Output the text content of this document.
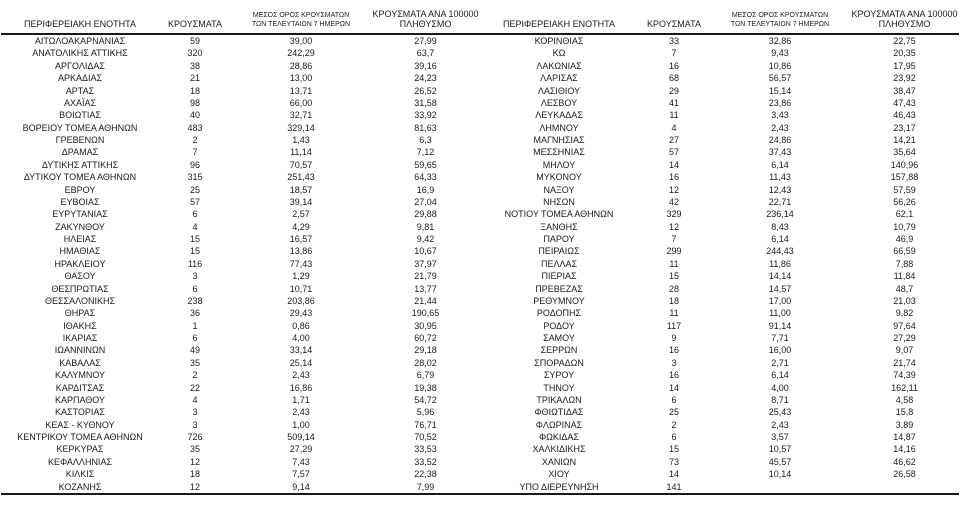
ΠΕΡΙΦΕΡΕΙΑΚΗ ΕΝΟΤΗΤΑ	ΚΡΟΥΣΜΑΤΑ	ΜΕΣΟΣ ΟΡΟΣ ΚΡΟΥΣΜΑΤΩΝ
ΤΩΝ ΤΕΛΕΥΤΑΙΩΝ 7 ΗΜΕΡΩΝ	ΚΡΟΥΣΜΑΤΑ ΑΝΑ 100000
ΠΛΗΘΥΣΜΟ
ΑΙΤΩΛΟΑΚΑΡΝΑΝΙΑΣ	59	39,00	27,99
ΑΝΑΤΟΛΙΚΗΣ ΑΤΤΙΚΗΣ	320	242,29	63,7
ΑΡΓΟΛΙΔΑΣ	38	28,86	39,16
ΑΡΚΑΔΙΑΣ	21	13,00	24,23
ΑΡΤΑΣ	18	13,71	26,52
ΑΧΑΪΑΣ	98	66,00	31,58
ΒΟΙΩΤΙΑΣ	40	32,71	33,92
ΒΟΡΕΙΟΥ ΤΟΜΕΑ ΑΘΗΝΩΝ	483	329,14	81,63
ΓΡΕΒΕΝΩΝ	2	1,43	6,3
ΔΡΑΜΑΣ	7	11,14	7,12
ΔΥΤΙΚΗΣ ΑΤΤΙΚΗΣ	96	70,57	59,65
ΔΥΤΙΚΟΥ ΤΟΜΕΑ ΑΘΗΝΩΝ	315	251,43	64,33
ΕΒΡΟΥ	25	18,57	16,9
ΕΥΒΟΙΑΣ	57	39,14	27,04
ΕΥΡΥΤΑΝΙΑΣ	6	2,57	29,88
ΖΑΚΥΝΘΟΥ	4	4,29	9,81
ΗΛΕΙΑΣ	15	16,57	9,42
ΗΜΑΘΙΑΣ	15	13,86	10,67
ΗΡΑΚΛΕΙΟΥ	116	77,43	37,97
ΘΑΣΟΥ	3	1,29	21,79
ΘΕΣΠΡΩΤΙΑΣ	6	10,71	13,77
ΘΕΣΣΑΛΟΝΙΚΗΣ	238	203,86	21,44
ΘΗΡΑΣ	36	29,43	190,65
ΙΘΑΚΗΣ	1	0,86	30,95
ΙΚΑΡΙΑΣ	6	4,00	60,72
ΙΩΑΝΝΙΝΩΝ	49	33,14	29,18
ΚΑΒΑΛΑΣ	35	25,14	28,02
ΚΑΛΥΜΝΟΥ	2	2,43	6,79
ΚΑΡΔΙΤΣΑΣ	22	16,86	19,38
ΚΑΡΠΑΘΟΥ	4	1,71	54,72
ΚΑΣΤΟΡΙΑΣ	3	2,43	5,96
ΚΕΑΣ - ΚΥΘΝΟΥ	3	1,00	76,71
ΚΕΝΤΡΙΚΟΥ ΤΟΜΕΑ ΑΘΗΝΩΝ	726	509,14	70,52
ΚΕΡΚΥΡΑΣ	35	27,29	33,53
ΚΕΦΑΛΛΗΝΙΑΣ	12	7,43	33,52
ΚΙΛΚΙΣ	18	7,57	22,38
ΚΟΖΑΝΗΣ	12	9,14	7,99
ΠΕΡΙΦΕΡΕΙΑΚΗ ΕΝΟΤΗΤΑ	ΚΡΟΥΣΜΑΤΑ	ΜΕΣΟΣ ΟΡΟΣ ΚΡΟΥΣΜΑΤΩΝ
ΤΩΝ ΤΕΛΕΥΤΑΙΩΝ 7 ΗΜΕΡΩΝ	ΚΡΟΥΣΜΑΤΑ ΑΝΑ 100000
ΠΛΗΘΥΣΜΟ
ΚΟΡΙΝΘΙΑΣ	33	32,86	22,75
ΚΩ	7	9,43	20,35
ΛΑΚΩΝΙΑΣ	16	10,86	17,95
ΛΑΡΙΣΑΣ	68	56,57	23,92
ΛΑΣΙΘΙΟΥ	29	15,14	38,47
ΛΕΣΒΟΥ	41	23,86	47,43
ΛΕΥΚΑΔΑΣ	11	3,43	46,43
ΛΗΜΝΟΥ	4	2,43	23,17
ΜΑΓΝΗΣΙΑΣ	27	24,86	14,21
ΜΕΣΣΗΝΙΑΣ	57	37,43	35,64
ΜΗΛΟΥ	14	6,14	140,96
ΜΥΚΟΝΟΥ	16	11,43	157,88
ΝΑΞΟΥ	12	12,43	57,59
ΝΗΣΩΝ	42	22,71	56,26
ΝΟΤΙΟΥ ΤΟΜΕΑ ΑΘΗΝΩΝ	329	236,14	62,1
ΞΑΝΘΗΣ	12	8,43	10,79
ΠΑΡΟΥ	7	6,14	46,9
ΠΕΙΡΑΙΩΣ	299	244,43	66,59
ΠΕΛΛΑΣ	11	11,86	7,88
ΠΙΕΡΙΑΣ	15	14,14	11,84
ΠΡΕΒΕΖΑΣ	28	14,57	48,7
ΡΕΘΥΜΝΟΥ	18	17,00	21,03
ΡΟΔΟΠΗΣ	11	11,00	9,82
ΡΟΔΟΥ	117	91,14	97,64
ΣΑΜΟΥ	9	7,71	27,29
ΣΕΡΡΩΝ	16	16,00	9,07
ΣΠΟΡΑΔΩΝ	3	2,71	21,74
ΣΥΡΟΥ	16	6,14	74,39
ΤΗΝΟΥ	14	4,00	162,11
ΤΡΙΚΑΛΩΝ	6	8,71	4,58
ΦΘΙΩΤΙΔΑΣ	25	25,43	15,8
ΦΛΩΡΙΝΑΣ	2	2,43	3,89
ΦΩΚΙΔΑΣ	6	3,57	14,87
ΧΑΛΚΙΔΙΚΗΣ	15	10,57	14,16
ΧΑΝΙΩΝ	73	45,57	46,62
ΧΙΟΥ	14	10,14	26,58
ΥΠΟ ΔΙΕΡΕΥΝΗΣΗ	141		
